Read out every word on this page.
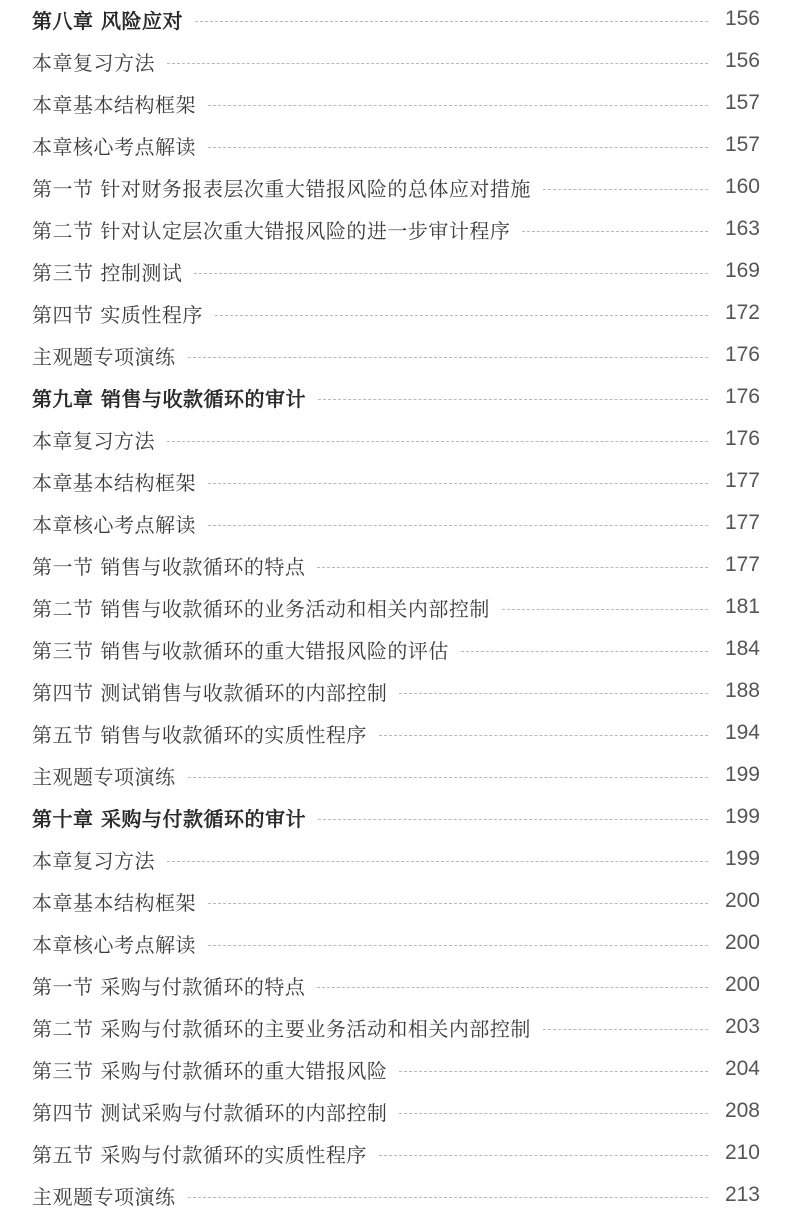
第八章 风险应对	156
本章复习方法	156
本章基本结构框架	157
本章核心考点解读	157
第一节 针对财务报表层次重大错报风险的总体应对措施	160
第二节 针对认定层次重大错报风险的进一步审计程序	163
第三节 控制测试	169
第四节 实质性程序	172
主观题专项演练	176
第九章 销售与收款循环的审计	176
本章复习方法	176
本章基本结构框架	177
本章核心考点解读	177
第一节 销售与收款循环的特点	177
第二节 销售与收款循环的业务活动和相关内部控制	181
第三节 销售与收款循环的重大错报风险的评估	184
第四节 测试销售与收款循环的内部控制	188
第五节 销售与收款循环的实质性程序	194
主观题专项演练	199
第十章 采购与付款循环的审计	199
本章复习方法	199
本章基本结构框架	200
本章核心考点解读	200
第一节 采购与付款循环的特点	200
第二节 采购与付款循环的主要业务活动和相关内部控制	203
第三节 采购与付款循环的重大错报风险	204
第四节 测试采购与付款循环的内部控制	208
第五节 采购与付款循环的实质性程序	210
主观题专项演练	213
